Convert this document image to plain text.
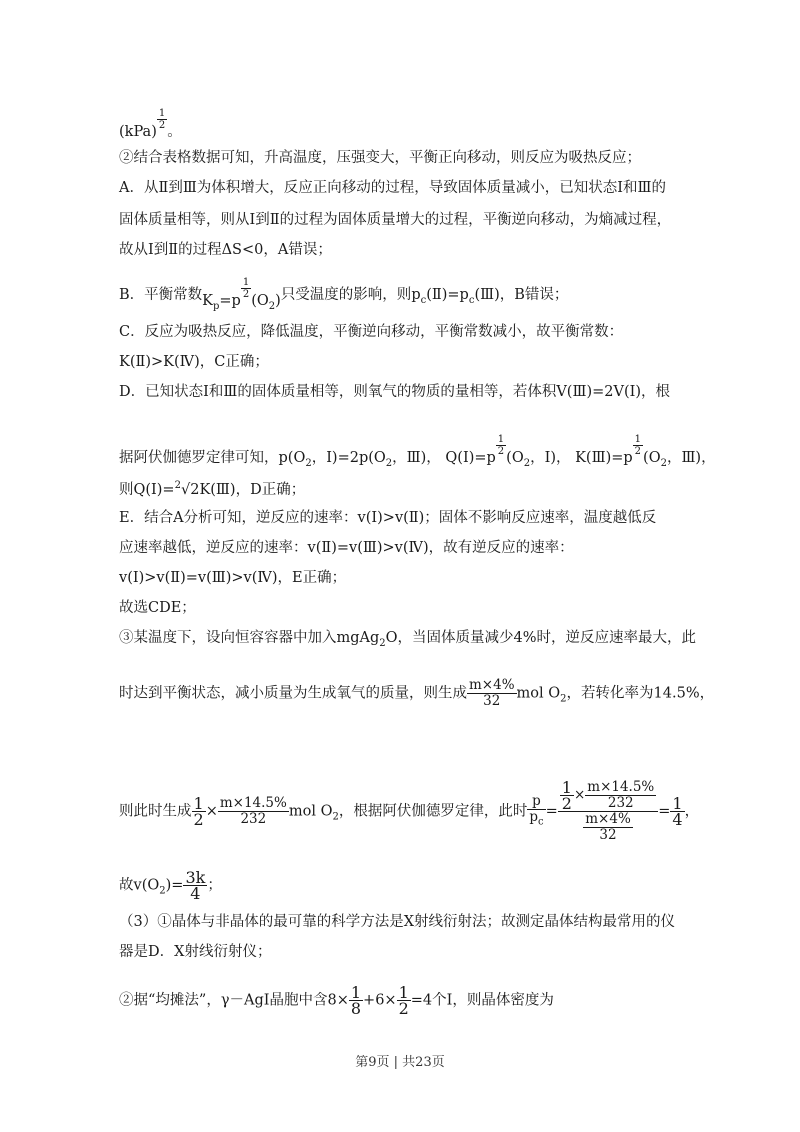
(kPa)
$\frac{1}{2}$
。
②结合表格数据可知，升高温度，压强变大，平衡正向移动，则反应为吸热反应；
A．从Ⅱ到Ⅲ为体积增大，反应正向移动的过程，导致固体质量减小，已知状态Ⅰ和Ⅲ的
固体质量相等，则从Ⅰ到Ⅱ的过程为固体质量增大的过程，平衡逆向移动，为熵减过程，
故从Ⅰ到Ⅱ的过程ΔS<0，A错误；
B．平衡常数$K_p=p$
$\frac{1}{2}$
$(O_2)$只受温度的影响，则$p_c(Ⅱ)=p_c(Ⅲ)$，B错误；
C．反应为吸热反应，降低温度，平衡逆向移动，平衡常数减小，故平衡常数：
K(Ⅱ)>K(Ⅳ)，C正确；
D．已知状态Ⅰ和Ⅲ的固体质量相等，则氧气的物质的量相等，若体积V(Ⅲ)=2V(Ⅰ)，根
据阿伏伽德罗定律可知，$p(O_2$，$Ⅰ)=2p(O_2$，Ⅲ)， Q(Ⅰ)=p
$\frac{1}{2}$
($O_2$，Ⅰ)， K(Ⅲ)=p
$\frac{1}{2}$
($O_2$，Ⅲ)，
则Q(Ⅰ)=$^2$√2K(Ⅲ)，D正确；
E．结合A分析可知，逆反应的速率：v(Ⅰ)>v(Ⅱ)；固体不影响反应速率，温度越低反
应速率越低，逆反应的速率：v(Ⅱ)=v(Ⅲ)>v(Ⅳ)，故有逆反应的速率：
v(Ⅰ)>v(Ⅱ)=v(Ⅲ)>v(Ⅳ)，E正确；
故选CDE；
③某温度下，设向恒容容器中加入mgAg$_2$O，当固体质量减少4%时，逆反应速率最大，此
时达到平衡状态，减小质量为生成氧气的质量，则生成 $\frac{m\times 4\%}{32}$ mol $O_2$，若转化率为14.5%，
则此时生成 $\frac{1}{2} \times \frac{m\times 14.5\%}{232}$ mol $O_2$，根据阿伏伽德罗定律，此时 $\frac{p}{p_c} = \frac{\frac{1}{2} \times \frac{m\times 14.5\%}{232}}{\frac{m\times 4\%}{32}} = \frac{1}{4}$ ，
故$v(O_2)= \frac{3k}{4}$ ；
（3）①晶体与非晶体的最可靠的科学方法是X射线衍射法；故测定晶体结构最常用的仪
器是D．X射线衍射仪；
②据“均摊法”，γ－AgI晶胞中含$8\times \frac{1}{8} +6\times \frac{1}{2} =4$个I，则晶体密度为
第9页 | 共23页
